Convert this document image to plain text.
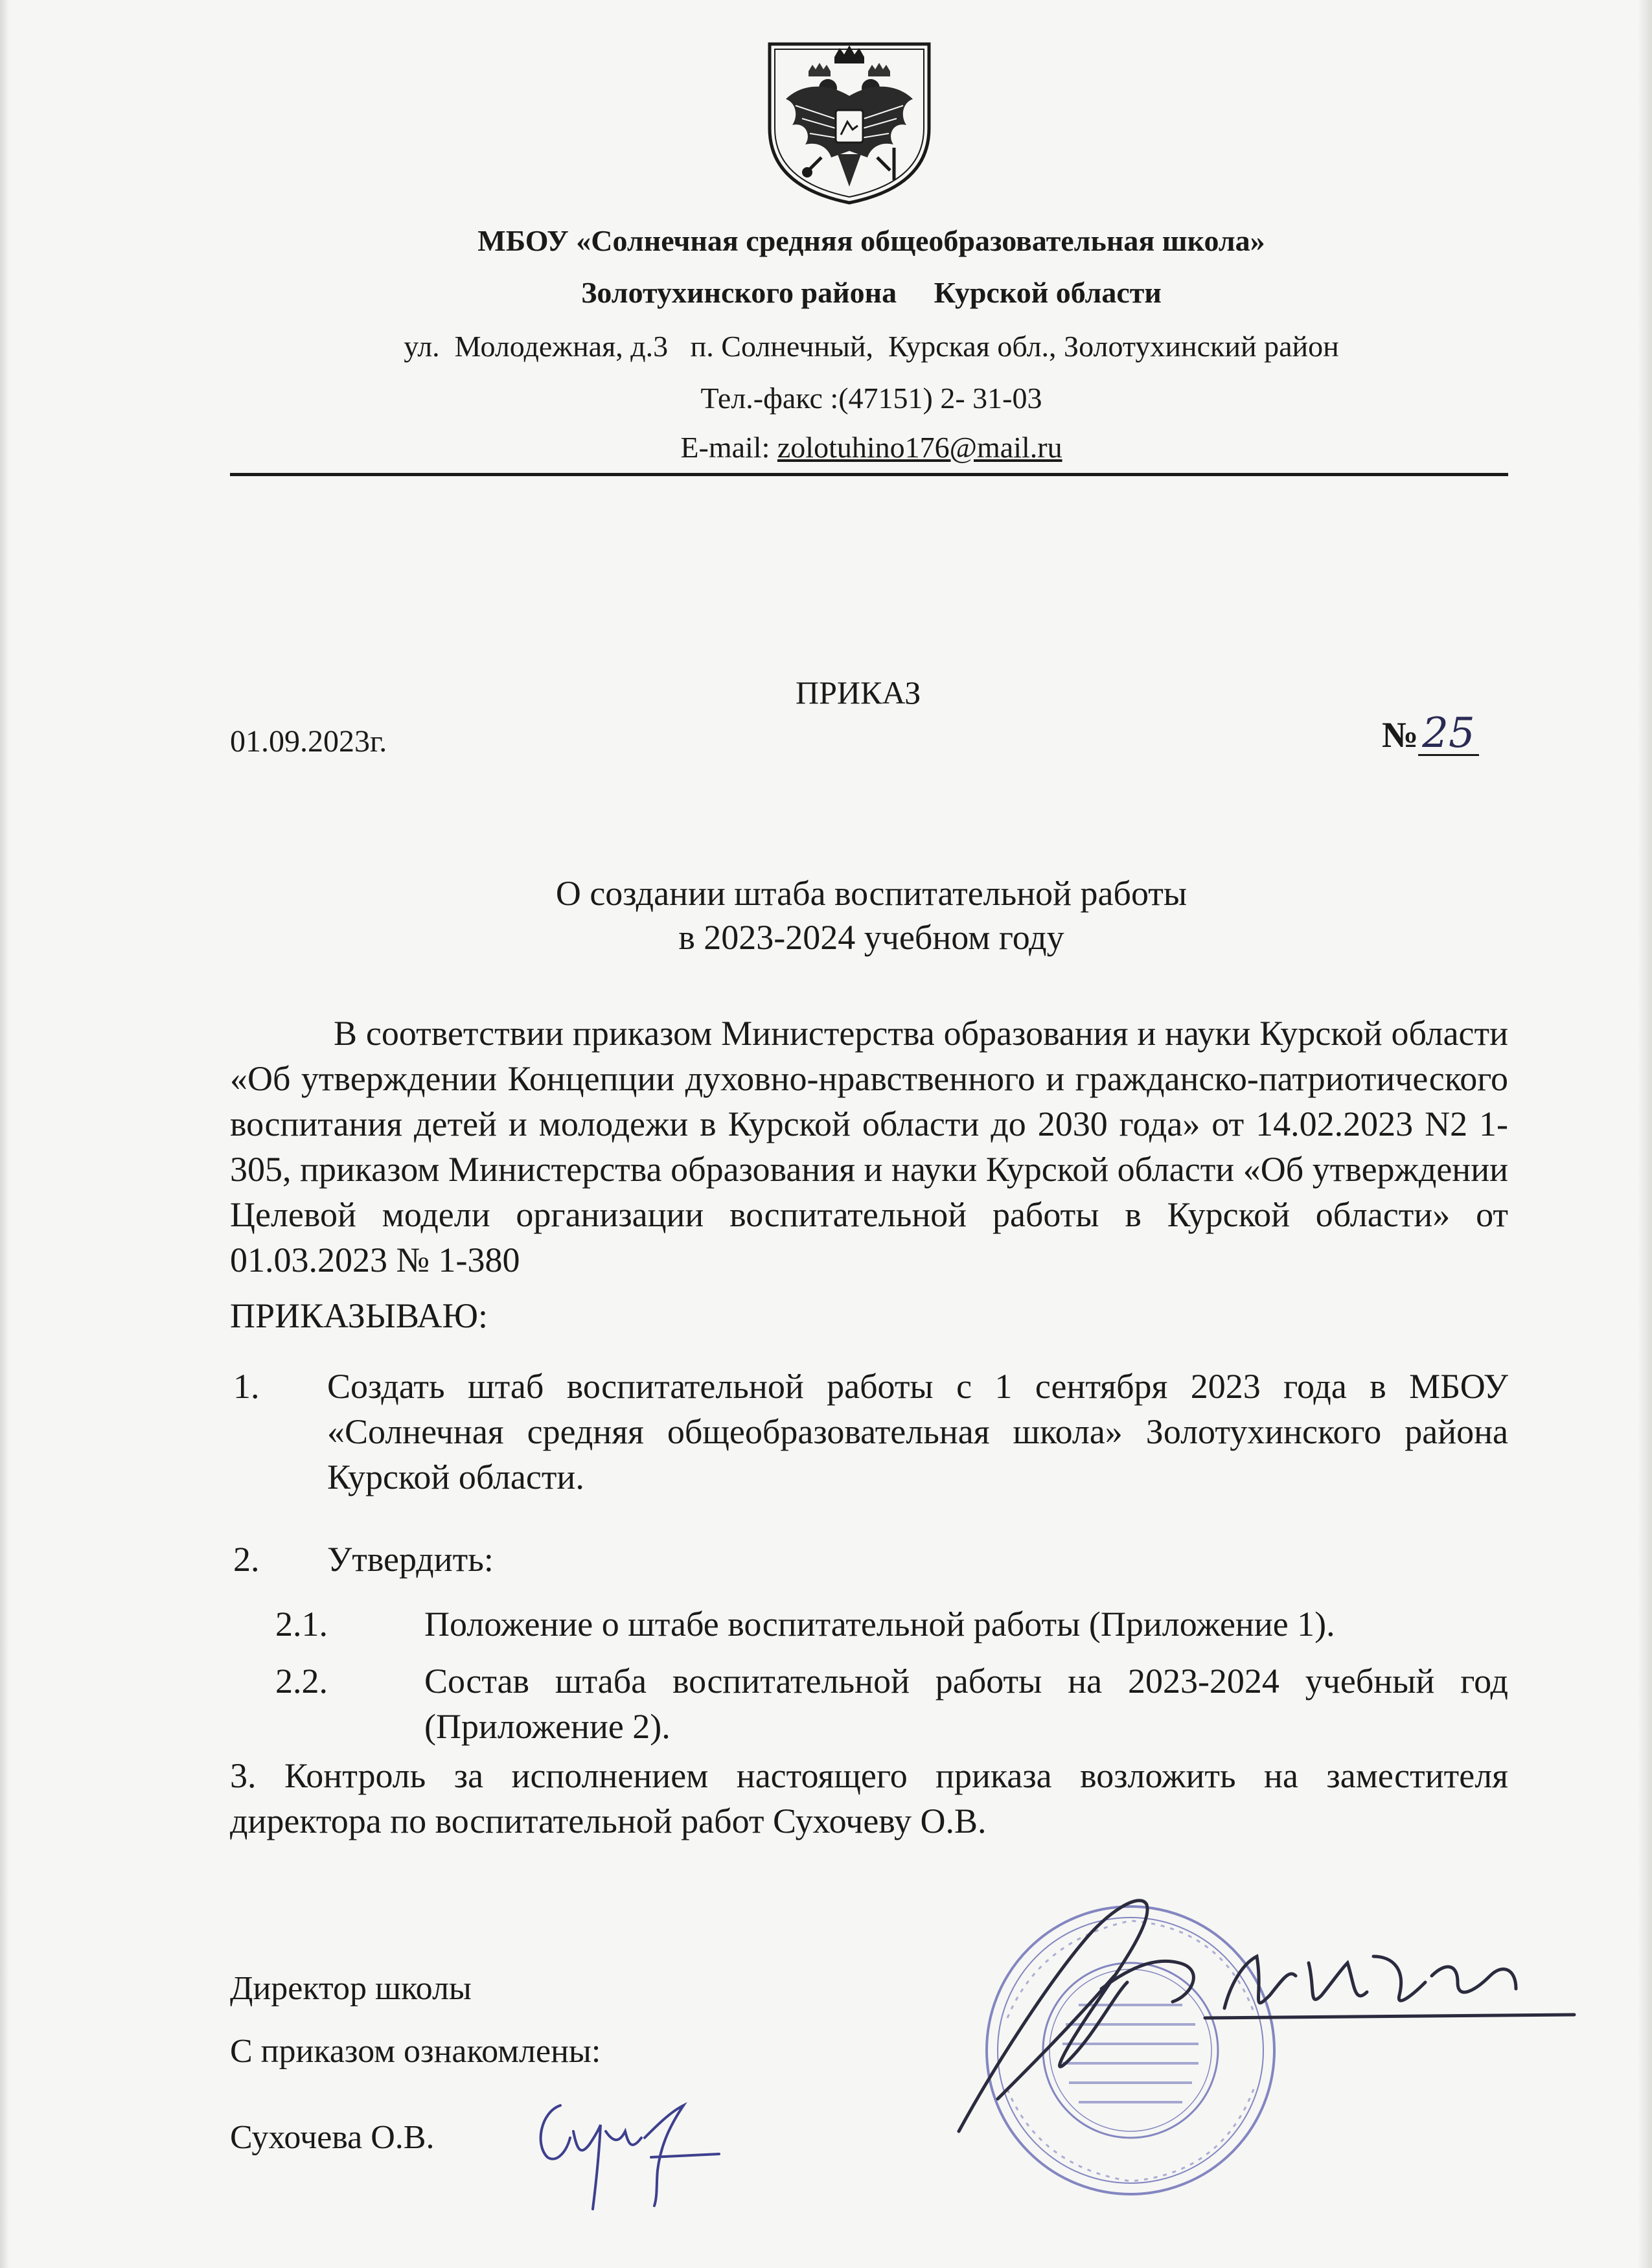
МБОУ «Солнечная средняя общеобразовательная школа»
Золотухинского района     Курской области
ул.  Молодежная, д.3   п. Солнечный,  Курская обл., Золотухинский район
Тел.-факс :(47151) 2- 31-03
E-mail: zolotuhino176@mail.ru
ПРИКАЗ
01.09.2023г.	№25
О создании штаба воспитательной работы
в 2023-2024 учебном году
В соответствии приказом Министерства образования и науки Курской области «Об утверждении Концепции духовно-нравственного и гражданско-патриотического воспитания детей и молодежи в Курской области до 2030 года» от 14.02.2023 N2 1-305, приказом Министерства образования и науки Курской области «Об утверждении Целевой модели организации воспитательной работы в Курской области» от 01.03.2023 № 1-380
ПРИКАЗЫВАЮ:
1. Создать штаб воспитательной работы с 1 сентября 2023 года в МБОУ «Солнечная средняя общеобразовательная школа» Золотухинского района Курской области.
2. Утвердить:
2.1.	Положение о штабе воспитательной работы (Приложение 1).
2.2.	Состав штаба воспитательной работы на 2023-2024 учебный год (Приложение 2).
3. Контроль за исполнением настоящего приказа возложить на заместителя директора по воспитательной работ Сухочеву О.В.
Директор школы
С приказом ознакомлены:
Сухочева О.В.
